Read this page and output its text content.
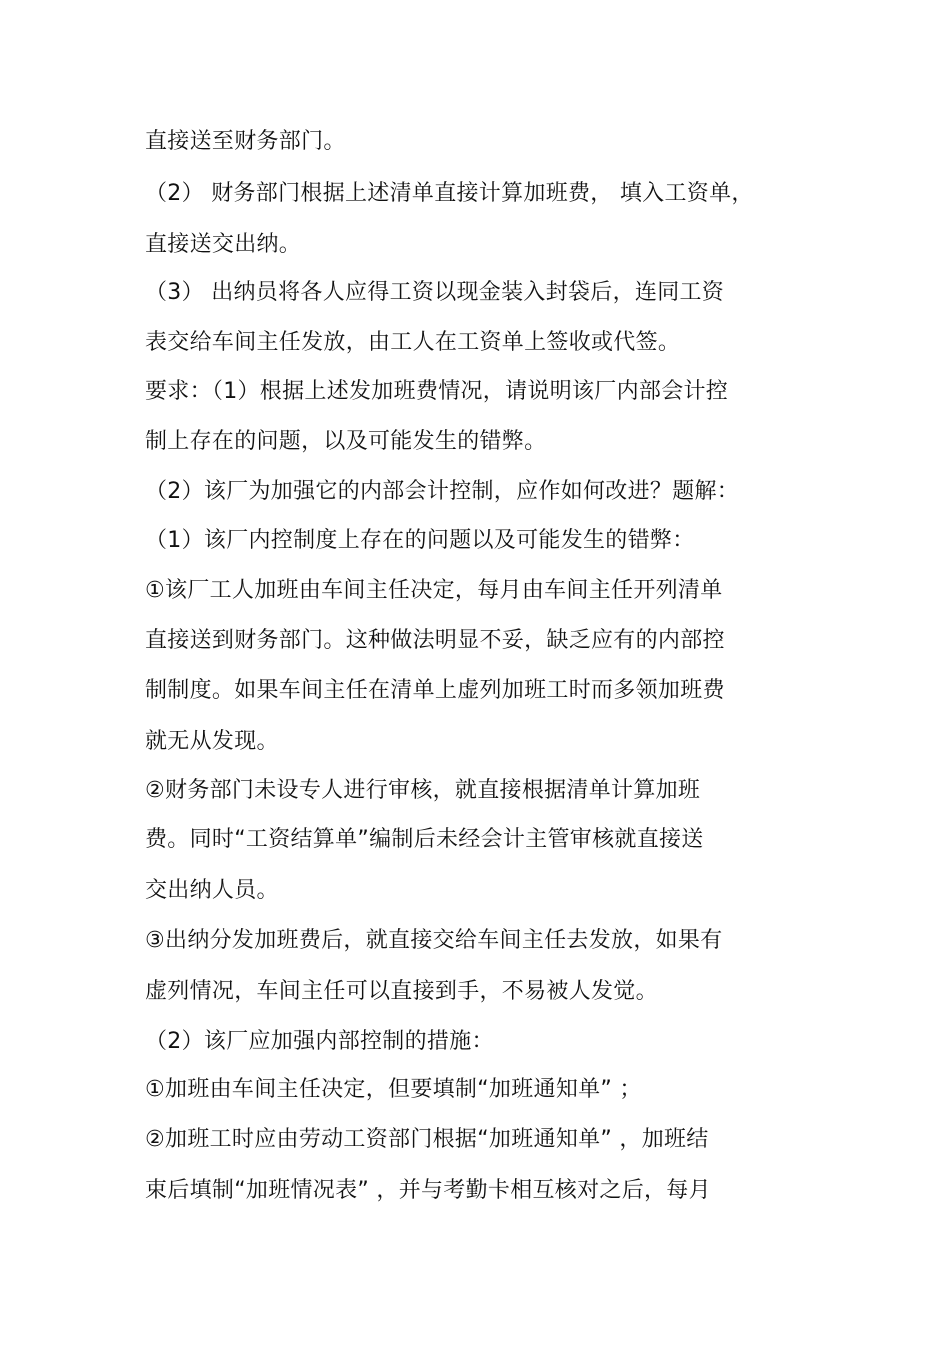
直接送至财务部门。
（2） 财务部门根据上述清单直接计算加班费， 填入工资单，
直接送交出纳。
（3） 出纳员将各人应得工资以现金装入封袋后，连同工资
表交给车间主任发放，由工人在工资单上签收或代签。
要求：（1）根据上述发加班费情况，请说明该厂内部会计控
制上存在的问题，以及可能发生的错弊。
（2）该厂为加强它的内部会计控制，应作如何改进？题解：
（1）该厂内控制度上存在的问题以及可能发生的错弊：
①该厂工人加班由车间主任决定，每月由车间主任开列清单
直接送到财务部门。这种做法明显不妥，缺乏应有的内部控
制制度。如果车间主任在清单上虚列加班工时而多领加班费
就无从发现。
②财务部门未设专人进行审核，就直接根据清单计算加班
费。同时“工资结算单”编制后未经会计主管审核就直接送
交出纳人员。
③出纳分发加班费后，就直接交给车间主任去发放，如果有
虚列情况，车间主任可以直接到手，不易被人发觉。
（2）该厂应加强内部控制的措施：
①加班由车间主任决定，但要填制“加班通知单” ；
②加班工时应由劳动工资部门根据“加班通知单” ，加班结
束后填制“加班情况表” ，并与考勤卡相互核对之后，每月
